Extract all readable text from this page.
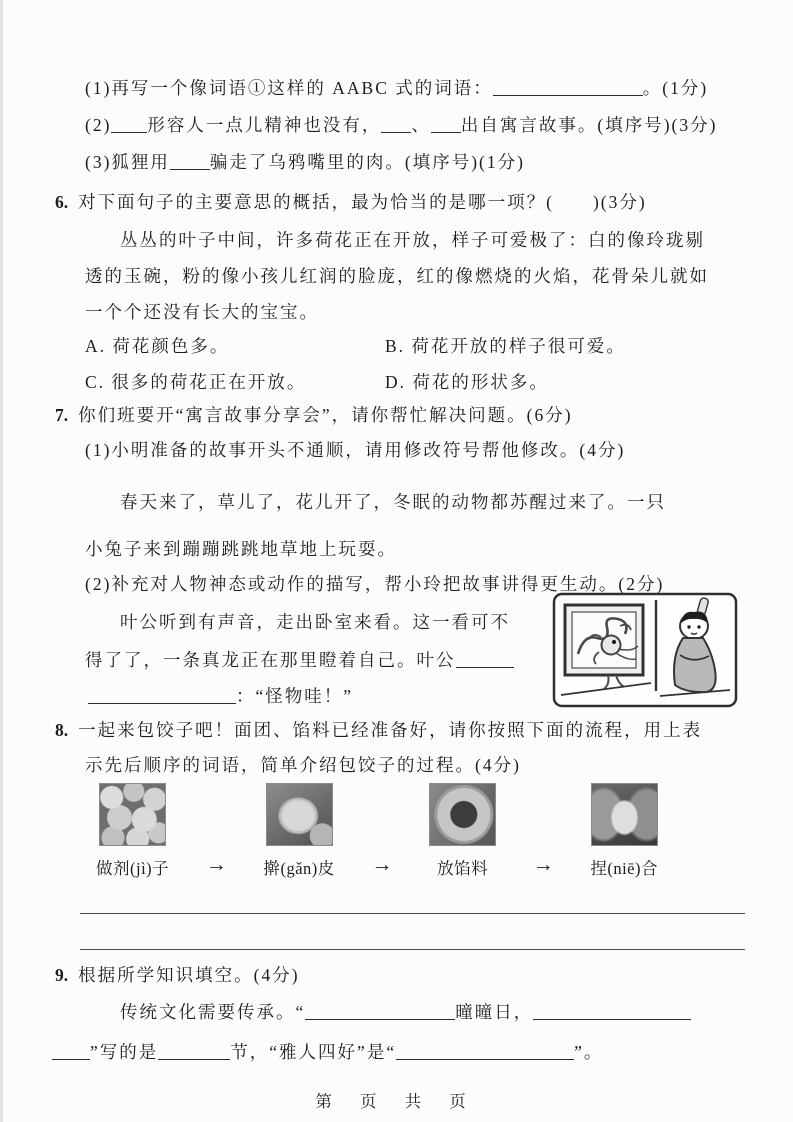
(1)再写一个像词语①这样的 AABC 式的词语：	。(1分)
(2) 形容人一点儿精神也没有， 、 出自寓言故事。(填序号)(3分)
(3)狐狸用 骗走了乌鸦嘴里的肉。(填序号)(1分)
6. 对下面句子的主要意思的概括，最为恰当的是哪一项？(　　)(3分)
丛丛的叶子中间，许多荷花正在开放，样子可爱极了：白的像玲珑剔
透的玉碗，粉的像小孩儿红润的脸庞，红的像燃烧的火焰，花骨朵儿就如
一个个还没有长大的宝宝。
A. 荷花颜色多。	B. 荷花开放的样子很可爱。
C. 很多的荷花正在开放。	D. 荷花的形状多。
7. 你们班要开“寓言故事分享会”，请你帮忙解决问题。(6分)
(1)小明准备的故事开头不通顺，请用修改符号帮他修改。(4分)
春天来了，草儿了，花儿开了，冬眠的动物都苏醒过来了。一只
小兔子来到蹦蹦跳跳地草地上玩耍。
(2)补充对人物神态或动作的描写，帮小玲把故事讲得更生动。(2分)
叶公听到有声音，走出卧室来看。这一看可不
得了了，一条真龙正在那里瞪着自己。叶公
：“怪物哇！”
8. 一起来包饺子吧！面团、馅料已经准备好，请你按照下面的流程，用上表
示先后顺序的词语，简单介绍包饺子的过程。(4分)
做剂(jì)子 → 擀(gǎn)皮 →	放馅料 → 捏(niē)合
9. 根据所学知识填空。(4分)
传统文化需要传承。“	曈曈日，
”写的是	节，“雅人四好”是“	”。
第 页 共 页
